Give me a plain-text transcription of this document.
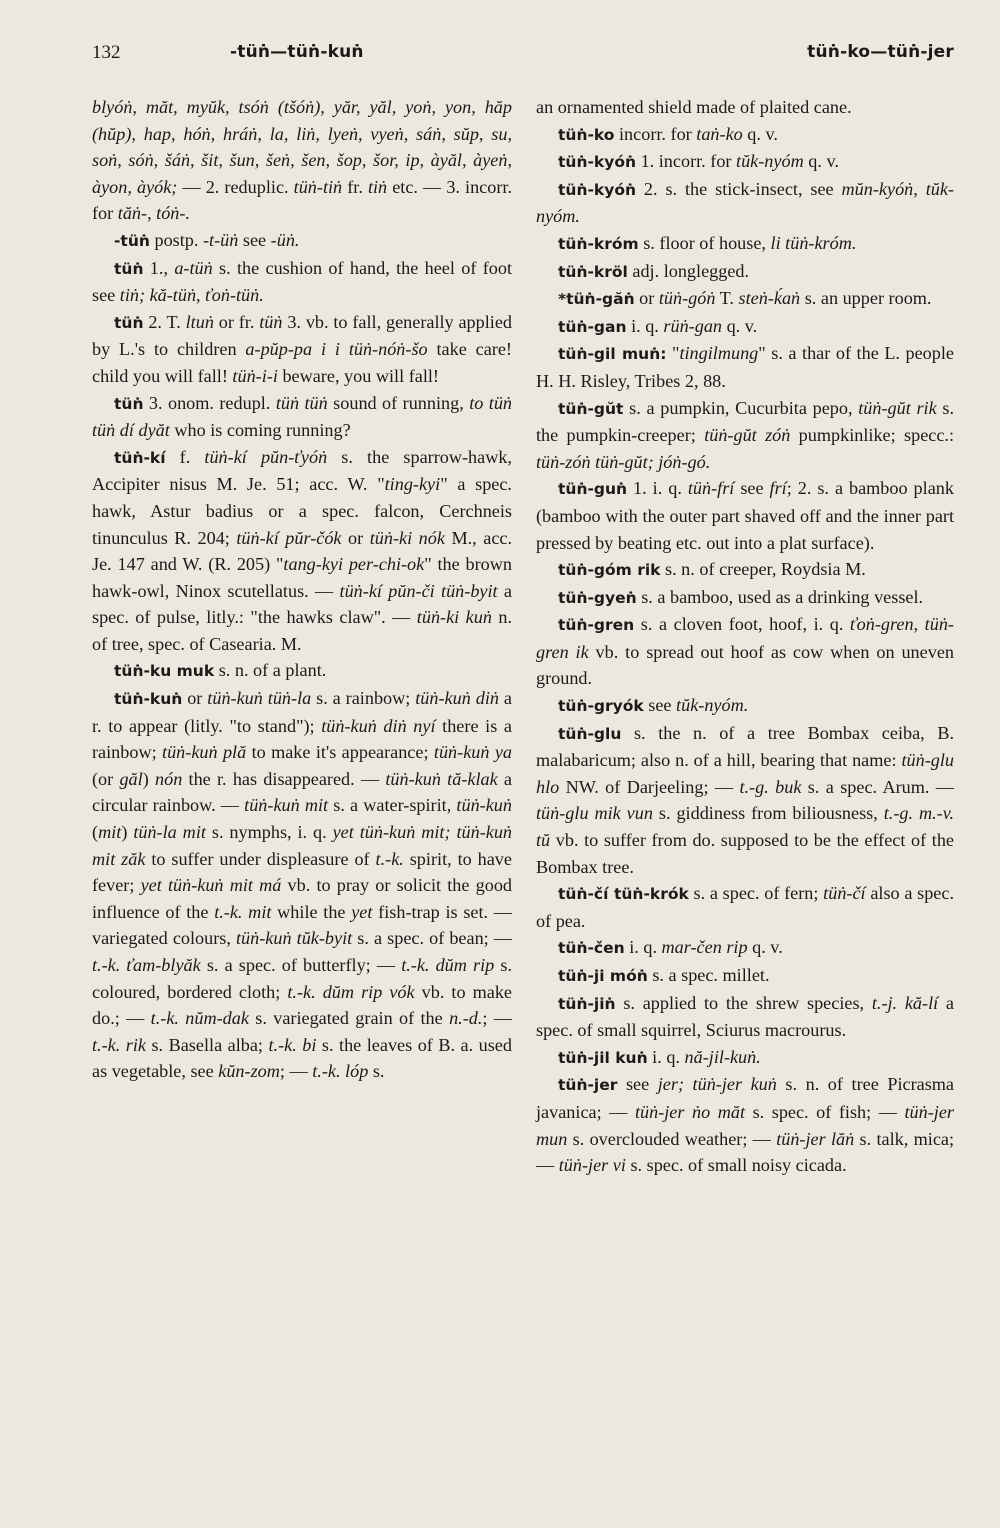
132	-tüṅ—tüṅ-kuṅ	tüṅ-ko—tüṅ-jer

blyóṅ, măt, myŭk, tsóṅ (tšóṅ), yăr, yăl, yoṅ, yon, hăp (hŭp), hap, hóṅ, hráṅ, la, liṅ, lyeṅ, vyeṅ, sáṅ, sŭp, su, soṅ, sóṅ, šáṅ, šit, šun, šeṅ, šen, šop, šor, ip, àyăl, àyeṅ, àyon, àyók; — 2. reduplic. tüṅ-tiṅ fr. tiṅ etc. — 3. incorr. for tăṅ-, tóṅ-.

-tüṅ postp. -t-üṅ see -üṅ.

tüṅ 1., a-tüṅ s. the cushion of hand, the heel of foot see tiṅ; kă-tüṅ, ťoṅ-tüṅ.

tüṅ 2. T. ltuṅ or fr. tüṅ 3. vb. to fall, generally applied by L.'s to children a-pŭp-pa i i tüṅ-nóṅ-šo take care! child you will fall! tüṅ-i-i beware, you will fall!

tüṅ 3. onom. redupl. tüṅ tüṅ sound of running, to tüṅ tüṅ dí dyăt who is coming running?

tüṅ-kí f. tüṅ-kí pŭn-ťyóṅ s. the sparrow-hawk, Accipiter nisus M. Je. 51; acc. W. "ting-kyi" a spec. hawk, Astur badius or a spec. falcon, Cerchneis tinunculus R. 204; tüṅ-kí pŭr-čók or tüṅ-ki nók M., acc. Je. 147 and W. (R. 205) "tang-kyi per-chi-ok" the brown hawk-owl, Ninox scutellatus. — tüṅ-kí pŭn-či tüṅ-byit a spec. of pulse, litly.: "the hawks claw". — tüṅ-ki kuṅ n. of tree, spec. of Casearia. M.

tüṅ-ku muk s. n. of a plant.

tüṅ-kuṅ or tüṅ-kuṅ tüṅ-la s. a rainbow; tüṅ-kuṅ diṅ a r. to appear (litly. "to stand"); tüṅ-kuṅ diṅ nyí there is a rainbow; tüṅ-kuṅ plă to make it's appearance; tüṅ-kuṅ ya (or găl) nón the r. has disappeared. — tüṅ-kuṅ tă-klak a circular rainbow. — tüṅ-kuṅ mit s. a water-spirit, tüṅ-kuṅ (mit) tüṅ-la mit s. nymphs, i. q. yet tüṅ-kuṅ mit; tüṅ-kuṅ mit zăk to suffer under displeasure of t.-k. spirit, to have fever; yet tüṅ-kuṅ mit má vb. to pray or solicit the good influence of the t.-k. mit while the yet fish-trap is set. — variegated colours, tüṅ-kuṅ tŭk-byit s. a spec. of bean; — t.-k. ťam-blyăk s. a spec. of butterfly; — t.-k. dŭm rip s. coloured, bordered cloth; t.-k. dŭm rip vók vb. to make do.; — t.-k. nŭm-dak s. variegated grain of the n.-d.; — t.-k. rik s. Basella alba; t.-k. bi s. the leaves of B. a. used as vegetable, see kŭn-zom; — t.-k. lóp s.

an ornamented shield made of plaited cane.

tüṅ-ko incorr. for taṅ-ko q. v.

tüṅ-kyóṅ 1. incorr. for tŭk-nyóm q. v.

tüṅ-kyóṅ 2. s. the stick-insect, see mŭn-kyóṅ, tŭk-nyóm.

tüṅ-króm s. floor of house, li tüṅ-króm.

tüṅ-kröl adj. longlegged.

*tüṅ-găṅ or tüṅ-góṅ T. steṅ-ḱaṅ s. an upper room.

tüṅ-gan i. q. rüṅ-gan q. v.

tüṅ-gil muṅ: "tingilmung" s. a thar of the L. people H. H. Risley, Tribes 2, 88.

tüṅ-gŭt s. a pumpkin, Cucurbita pepo, tüṅ-gŭt rik s. the pumpkin-creeper; tüṅ-gŭt zóṅ pumpkinlike; specc.: tüṅ-zóṅ tüṅ-gŭt; jóṅ-gó.

tüṅ-guṅ 1. i. q. tüṅ-frí see frí; 2. s. a bamboo plank (bamboo with the outer part shaved off and the inner part pressed by beating etc. out into a plat surface).

tüṅ-góm rik s. n. of creeper, Roydsia M.

tüṅ-gyeṅ s. a bamboo, used as a drinking vessel.

tüṅ-gren s. a cloven foot, hoof, i. q. ťoṅ-gren, tüṅ-gren ik vb. to spread out hoof as cow when on uneven ground.

tüṅ-gryók see tŭk-nyóm.

tüṅ-glu s. the n. of a tree Bombax ceiba, B. malabaricum; also n. of a hill, bearing that name: tüṅ-glu hlo NW. of Darjeeling; — t.-g. buk s. a spec. Arum. — tüṅ-glu mik vun s. giddiness from biliousness, t.-g. m.-v. tŭ vb. to suffer from do. supposed to be the effect of the Bombax tree.

tüṅ-čí tüṅ-krók s. a spec. of fern; tüṅ-čí also a spec. of pea.

tüṅ-čen i. q. mar-čen rip q. v.

tüṅ-ji móṅ s. a spec. millet.

tüṅ-jiṅ s. applied to the shrew species, t.-j. kă-lí a spec. of small squirrel, Sciurus macrourus.

tüṅ-jil kuṅ i. q. nă-jil-kuṅ.

tüṅ-jer see jer; tüṅ-jer kuṅ s. n. of tree Picrasma javanica; — tüṅ-jer ṅo măt s. spec. of fish; — tüṅ-jer mun s. overclouded weather; — tüṅ-jer lăṅ s. talk, mica; — tüṅ-jer vi s. spec. of small noisy cicada.
